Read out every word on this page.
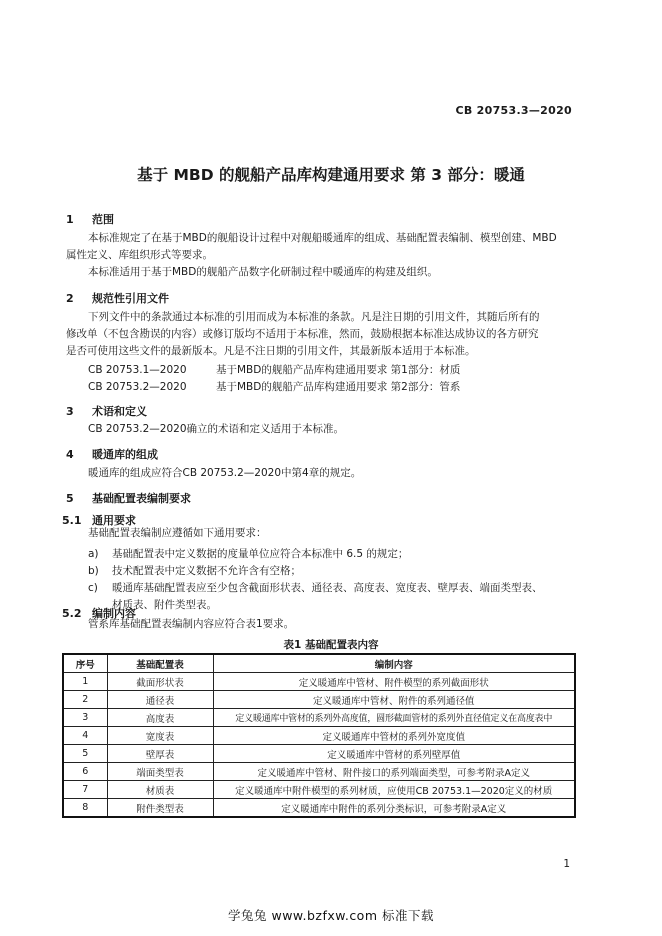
CB 20753.3—2020
基于 MBD 的舰船产品库构建通用要求 第 3 部分：暖通
1 范围
本标准规定了在基于MBD的舰船设计过程中对舰船暖通库的组成、基础配置表编制、模型创建、MBD
属性定义、库组织形式等要求。
本标准适用于基于MBD的舰船产品数字化研制过程中暖通库的构建及组织。
2 规范性引用文件
下列文件中的条款通过本标准的引用而成为本标准的条款。凡是注日期的引用文件，其随后所有的
修改单（不包含勘误的内容）或修订版均不适用于本标准，然而，鼓励根据本标准达成协议的各方研究
是否可使用这些文件的最新版本。凡是不注日期的引用文件，其最新版本适用于本标准。
CB 20753.1—2020	基于MBD的舰船产品库构建通用要求 第1部分：材质
CB 20753.2—2020	基于MBD的舰船产品库构建通用要求 第2部分：管系
3 术语和定义
CB 20753.2—2020确立的术语和定义适用于本标准。
4 暖通库的组成
暖通库的组成应符合CB 20753.2—2020中第4章的规定。
5 基础配置表编制要求
5.1 通用要求
基础配置表编制应遵循如下通用要求：
a) 基础配置表中定义数据的度量单位应符合本标准中 6.5 的规定；
b) 技术配置表中定义数据不允许含有空格；
c) 暖通库基础配置表应至少包含截面形状表、通径表、高度表、宽度表、壁厚表、端面类型表、
材质表、附件类型表。
5.2 编制内容
管系库基础配置表编制内容应符合表1要求。
表1 基础配置表内容
序号	基础配置表	编制内容
1	截面形状表	定义暖通库中管材、附件模型的系列截面形状
2	通径表	定义暖通库中管材、附件的系列通径值
3	高度表	定义暖通库中管材的系列外高度值，圆形截面管材的系列外直径值定义在高度表中
4	宽度表	定义暖通库中管材的系列外宽度值
5	壁厚表	定义暖通库中管材的系列壁厚值
6	端面类型表	定义暖通库中管材、附件接口的系列端面类型，可参考附录A定义
7	材质表	定义暖通库中附件模型的系列材质，应使用CB 20753.1—2020定义的材质
8	附件类型表	定义暖通库中附件的系列分类标识，可参考附录A定义
1
学兔兔 www.bzfxw.com 标准下载
